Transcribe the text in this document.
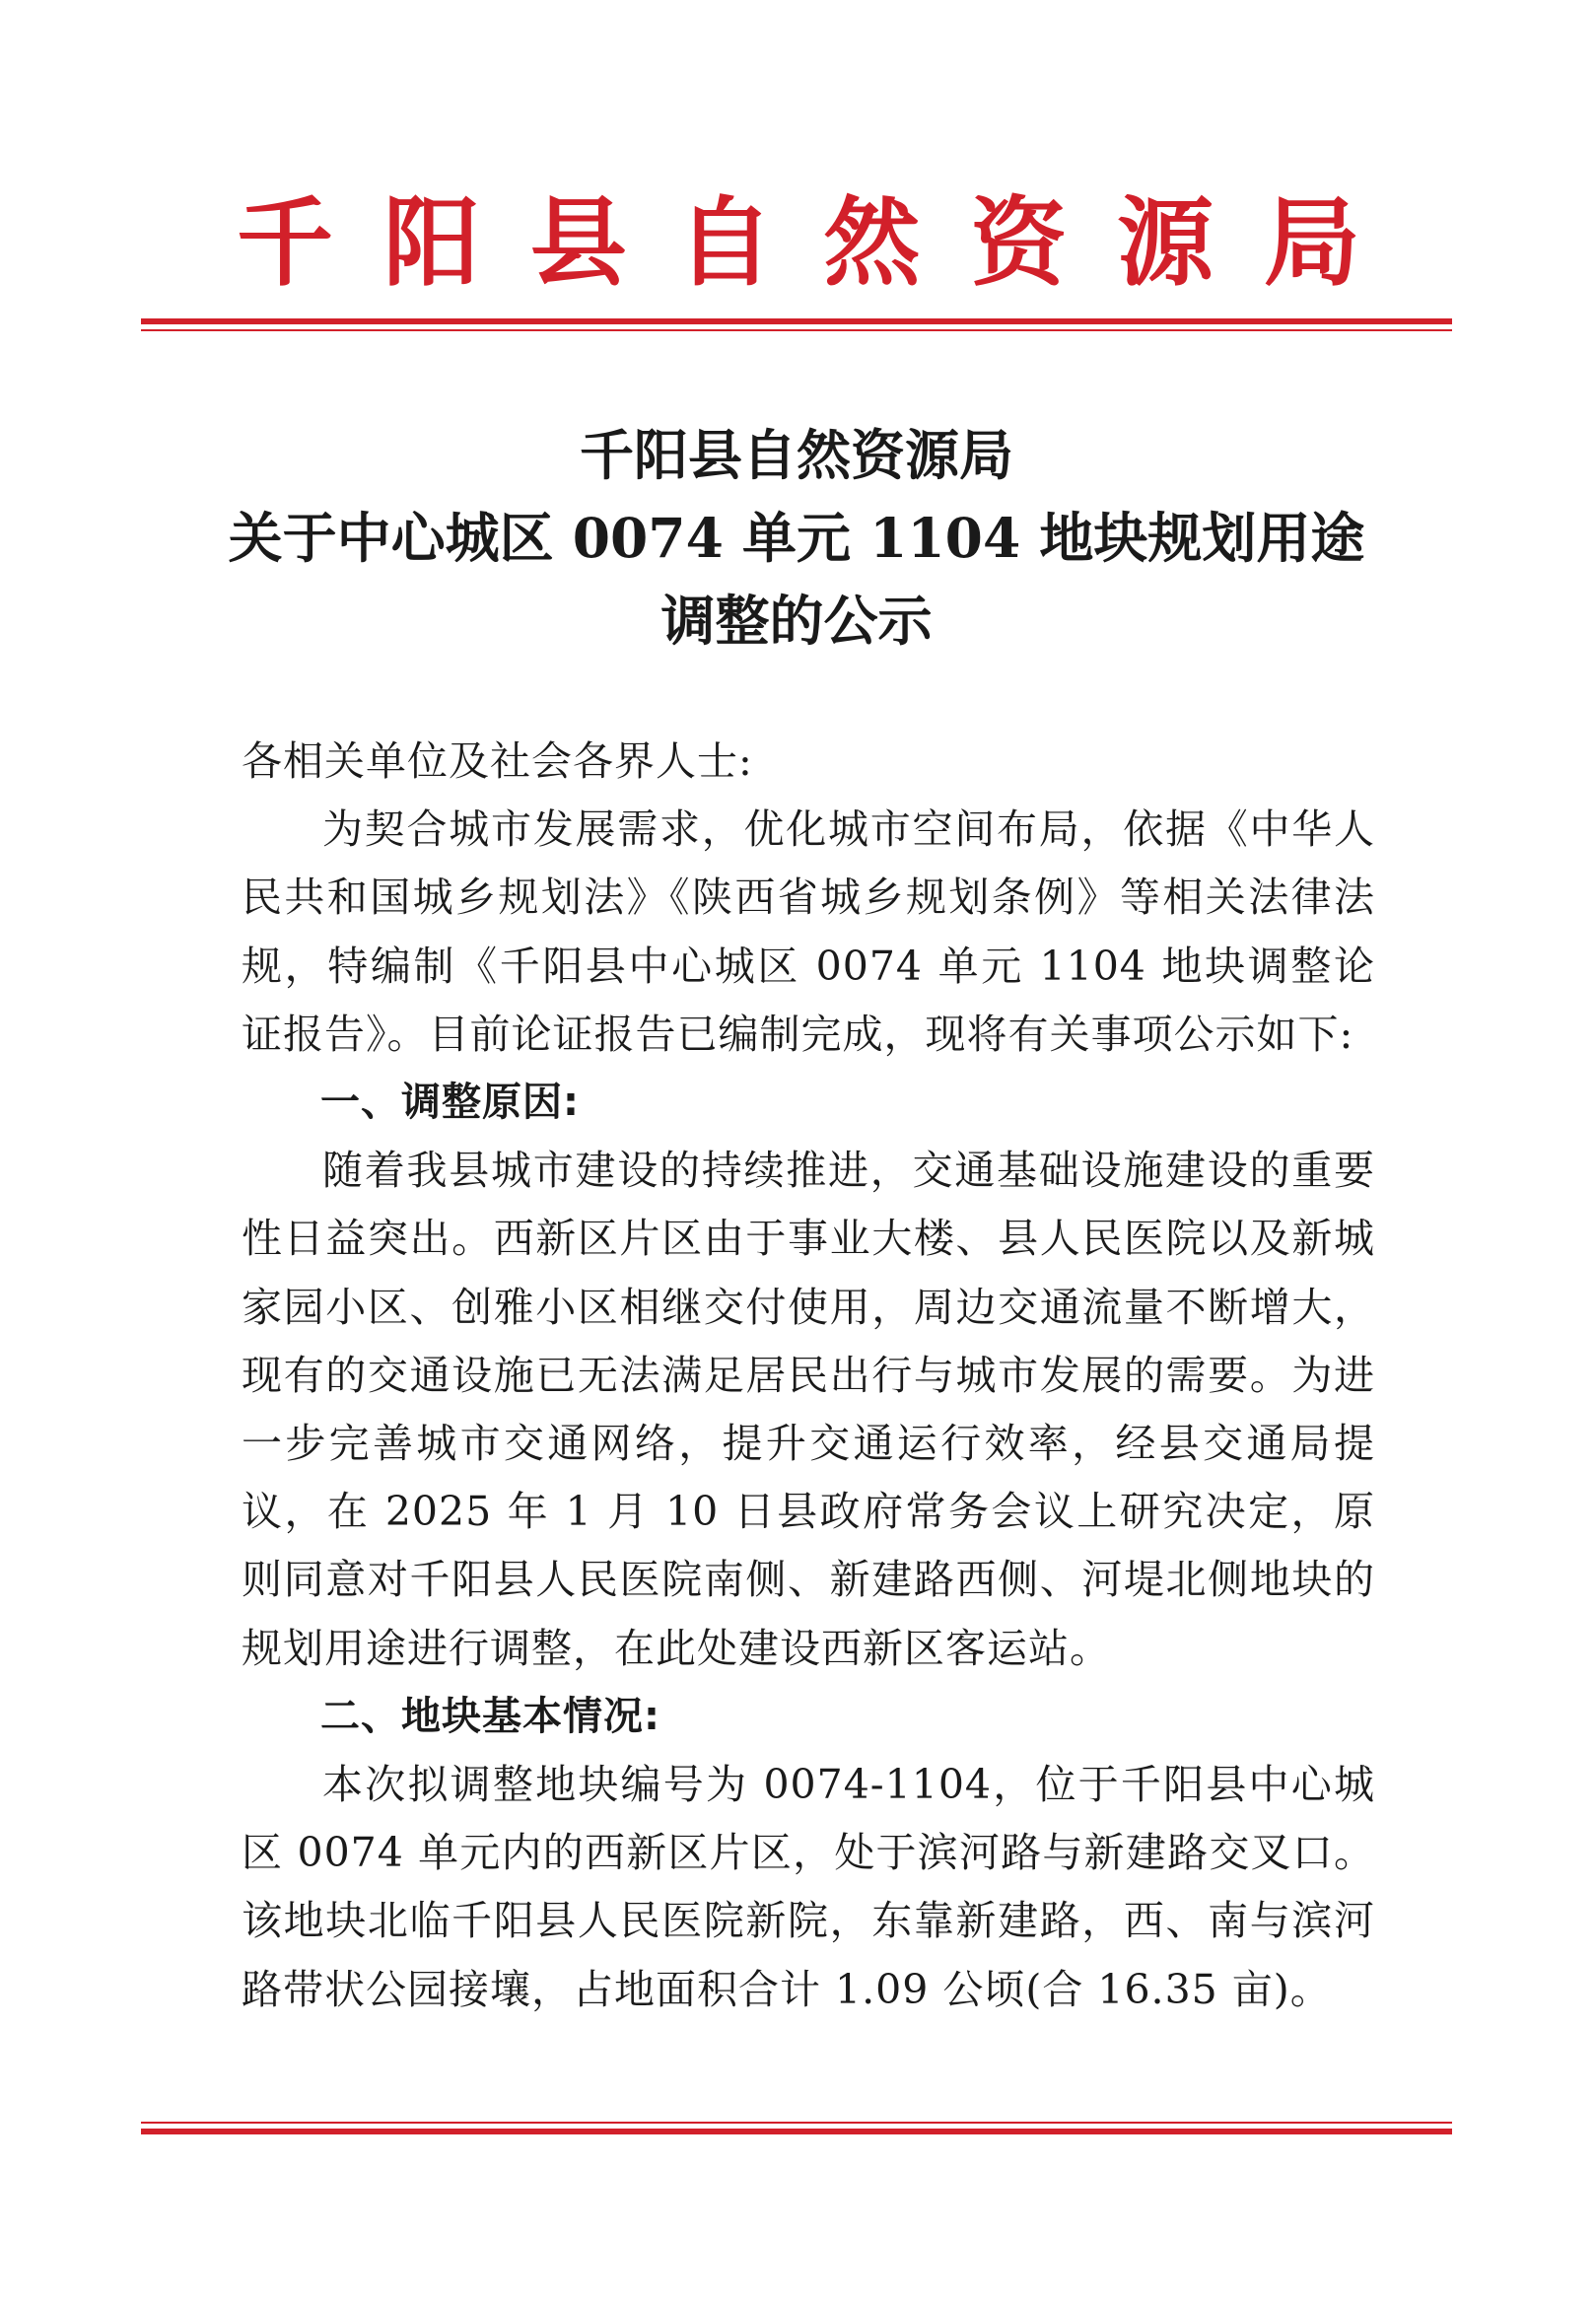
千 阳 县 自 然 资 源 局
千阳县自然资源局
关于中心城区 0074 单元 1104 地块规划用途
调整的公示

各相关单位及社会各界人士:

为契合城市发展需求，优化城市空间布局，依据《中华人民共和国城乡规划法》《陕西省城乡规划条例》等相关法律法规，特编制《千阳县中心城区 0074 单元 1104 地块调整论证报告》。目前论证报告已编制完成，现将有关事项公示如下:

一、调整原因:

随着我县城市建设的持续推进，交通基础设施建设的重要性日益突出。西新区片区由于事业大楼、县人民医院以及新城家园小区、创雅小区相继交付使用，周边交通流量不断增大，现有的交通设施已无法满足居民出行与城市发展的需要。为进一步完善城市交通网络，提升交通运行效率，经县交通局提议，在 2025 年 1 月 10 日县政府常务会议上研究决定，原则同意对千阳县人民医院南侧、新建路西侧、河堤北侧地块的规划用途进行调整，在此处建设西新区客运站。

二、地块基本情况:

本次拟调整地块编号为 0074-1104，位于千阳县中心城区 0074 单元内的西新区片区，处于滨河路与新建路交叉口。该地块北临千阳县人民医院新院，东靠新建路，西、南与滨河路带状公园接壤，占地面积合计 1.09 公顷(合 16.35 亩)。
